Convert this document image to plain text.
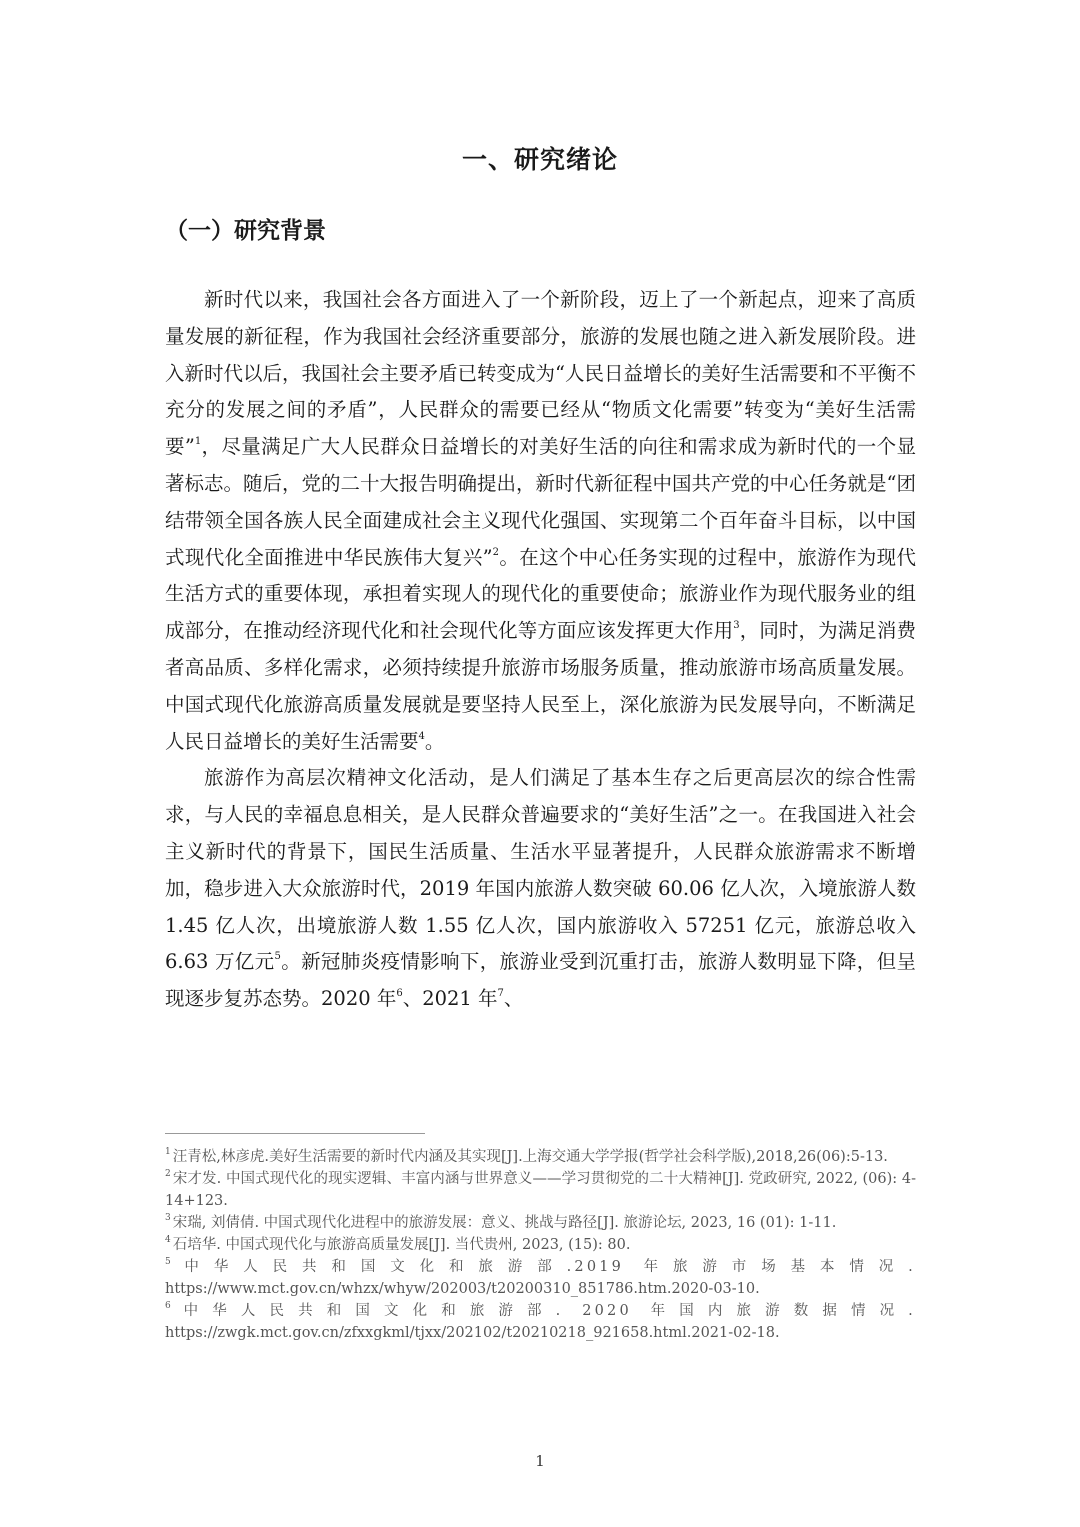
一、研究绪论
（一）研究背景

新时代以来，我国社会各方面进入了一个新阶段，迈上了一个新起点，迎来了高质量发展的新征程，作为我国社会经济重要部分，旅游的发展也随之进入新发展阶段。进入新时代以后，我国社会主要矛盾已转变成为“人民日益增长的美好生活需要和不平衡不充分的发展之间的矛盾”，人民群众的需要已经从“物质文化需要”转变为“美好生活需要”$^1$，尽量满足广大人民群众日益增长的对美好生活的向往和需求成为新时代的一个显著标志。随后，党的二十大报告明确提出，新时代新征程中国共产党的中心任务就是“团结带领全国各族人民全面建成社会主义现代化强国、实现第二个百年奋斗目标，以中国式现代化全面推进中华民族伟大复兴”$^2$。在这个中心任务实现的过程中，旅游作为现代生活方式的重要体现，承担着实现人的现代化的重要使命；旅游业作为现代服务业的组成部分，在推动经济现代化和社会现代化等方面应该发挥更大作用$^3$，同时，为满足消费者高品质、多样化需求，必须持续提升旅游市场服务质量，推动旅游市场高质量发展。中国式现代化旅游高质量发展就是要坚持人民至上，深化旅游为民发展导向，不断满足人民日益增长的美好生活需要$^4$。

旅游作为高层次精神文化活动，是人们满足了基本生存之后更高层次的综合性需求，与人民的幸福息息相关，是人民群众普遍要求的“美好生活”之一。在我国进入社会主义新时代的背景下，国民生活质量、生活水平显著提升，人民群众旅游需求不断增加，稳步进入大众旅游时代，2019 年国内旅游人数突破 60.06 亿人次，入境旅游人数 1.45 亿人次，出境旅游人数 1.55 亿人次，国内旅游收入 57251 亿元，旅游总收入 6.63 万亿元$^5$。新冠肺炎疫情影响下，旅游业受到沉重打击，旅游人数明显下降，但呈现逐步复苏态势。2020 年$^6$、2021 年$^7$、

$^1$ 汪青松,林彦虎.美好生活需要的新时代内涵及其实现[J].上海交通大学学报(哲学社会科学版),2018,26(06):5-13.

$^2$ 宋才发. 中国式现代化的现实逻辑、丰富内涵与世界意义——学习贯彻党的二十大精神[J]. 党政研究, 2022, (06): 4-14+123.

$^3$ 宋瑞, 刘倩倩. 中国式现代化进程中的旅游发展：意义、挑战与路径[J]. 旅游论坛, 2023, 16 (01): 1-11.

$^4$ 石培华. 中国式现代化与旅游高质量发展[J]. 当代贵州, 2023, (15): 80.

$^5$ 中华人民共和国文化和旅游部.2019 年旅游市场基本情况. https://www.mct.gov.cn/whzx/whyw/202003/t20200310_851786.htm.2020-03-10.

$^6$ 中华人民共和国文化和旅游部. 2020 年国内旅游数据情况. https://zwgk.mct.gov.cn/zfxxgkml/tjxx/202102/t20210218_921658.html.2021-02-18.

1
